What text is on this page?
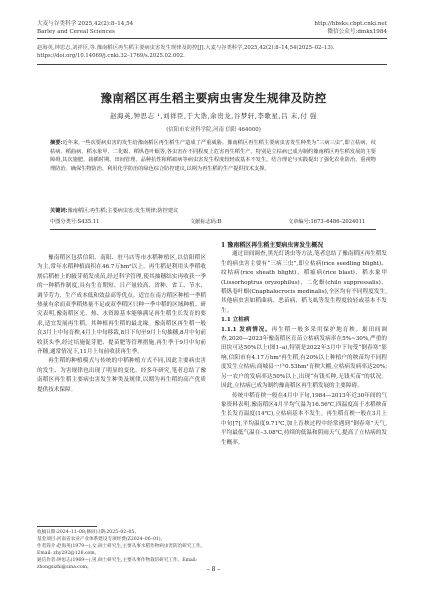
大麦与谷类科学 2025,42(2):8–14,54
Barley and Cereal Sciences
http://hbsks.cbpt.cnki.net
微信公众号:dmkx1984
赵海英,钟思志,刘祥臣,等.豫南稻区再生稻主要病虫害发生规律及防控[J].大麦与谷类科学,2025,42(2):8–14,54(2025–02–13).
https://doi.org/10.14069/j.cnki.32–1769/s.2025.02.002.
豫南稻区再生稻主要病虫害发生规律及防控
赵海英,钟思志 ¹,刘祥臣,于大诰,余贵龙,谷梦轩,李歌星,吕 末,付 强
(信阳市农业科学院,河南 信阳 464000)
摘要:近年来,一些次要病虫害的发生给豫南稻区再生稻生产造成了严重威胁。豫南稻区再生稻主要病虫害发生种类为“三病三虫”,即立枯病、纹枯病、稻曲病、稻水象甲、二化螟、稻纵卷叶螟等,各虫害在不同程度上危害再生稻生产。特别是立枯病已成为制约豫南稻区再生稻发展的主要障碍,其次施肥、栽插时期、田间管理、品种抗性和稻瘟病等病虫害发生程度较轻或基本不发生。结合理论与实践提出了强化农业防治、重视物理防治、确保生物防治、利用化学防治的绿色综合防控建议,以期为再生稻的生产提供技术支撑。
关键词:豫南稻区;再生稻;主要病虫害;发生规律;防控建议
中图分类号:S435.11	文献标志码:B	文章编号:1673–6486–2024011

豫南稻区包括信阳、南阳、驻马店等市水稻种植区,以信阳稻区为主,常年水稻种植面积在46.7万hm²以上。再生稻是利用头季稻收割后稻桩上的腋芽萌发成苗,经过科学管理,使其抽穗结实再收获一季的一种稻作制度,具有生育期短、日产量较高、省种、省工、节水、调节劳力、生产成本低和效益高等优点。适宜在南方稻区种植一季稻热量有余而双季稻热量不足或双季稻区只种一季中稻的区域种植。研究表明,豫南稻区光、热、水资源基本能够满足再生稻生长发育的要求,适宜发展再生稻。其种植再生稻的最北缘。豫南稻区再生稻一般在3月上中旬育秧,4月上中旬移栽,8月下旬至9月上旬抽穗,8月中旬前收获头季,经过培施促芽肥、提苗肥等管理措施,再生季于9月中旬前齐穗,通常情况下,11月上旬前收获再生季。

再生稻的种植模式与传统的中稻种植方式不同,因此主要病虫害的发生、为害规律也出现了明显的变化。经多年研究,笔者总结了豫南稻区再生稻主要病虫害发生种类及规律,以期为再生稻的高产优质提供技术保障。

1 豫南稻区再生稻主要病虫害发生概况

通过田间调查,黑光灯诱虫等方法,笔者总结了豫南稻区再生稻发生的病虫害主要有“三病三虫”,即立枯病(rice seedling blight)、纹枯病(rice sheath blight)、稻瘟病(rice blast)、稻水象甲(Lissorhoptrus oryzophilus)、二化螟(chilo suppressalis)、稻纵卷叶螟(Cnaphalocrocis medinalis),全区均有不同程度发生,其他病虫害如稻曲病、恶苗病、稻飞虱等发生程度较轻或基本不发生。

1.1 立枯病

1.1.1 发病情况。

再生稻一般多采用保护地育秧。据田间调查,2020—2023年豫南稻区育苗立枯病发病率在5%~30%,严重的田块可达50%以上(图1–a),特别是2022年3月中下旬受“倒春寒”影响,信阳市有4.17万hm²再生稻,有20%以上种植户的秧苗均不同程度发生立枯病;商城县一户0.53hm²育秧大棚,立枯病发病率达20%;另一农户的发病率达50%以上,出现“有钱买种,无钱买苗”的状况。因此,立枯病已成为制约豫南稻区再生稻发展的主要障碍。

传统中稻育秧一般在4月中下旬,1984—2013年近30年间的气象资料表明,豫南稻区4月平均气温为16.56℃,四温度高于水稻秧苗生长发育温度(14℃),立枯病基本不发生。再生稻育秧一般在3月上中旬[7],平均温度9.71℃,加上育秧过程中经常遇到“倒春寒”天气,平均最低气温在–3.08℃,持续的低温和阴雨天气,提高了立枯病的发生概率。

收稿日期:2024–11–08;修回日期:2025–02–05。

基金项目:河南省农业产业体系建设专项经费(Z2024–06–01)。

作者简介:赵海英(1979—),女,硕士研究生,主要从事水稻作物病虫害防治研究工作。Email: zhy292@126.com。

通信作者:钟思志(1969—),男,硕士研究生,主要从事作物栽培研究工作。Email: zhongsizhi@sina.com。	– 8 –
